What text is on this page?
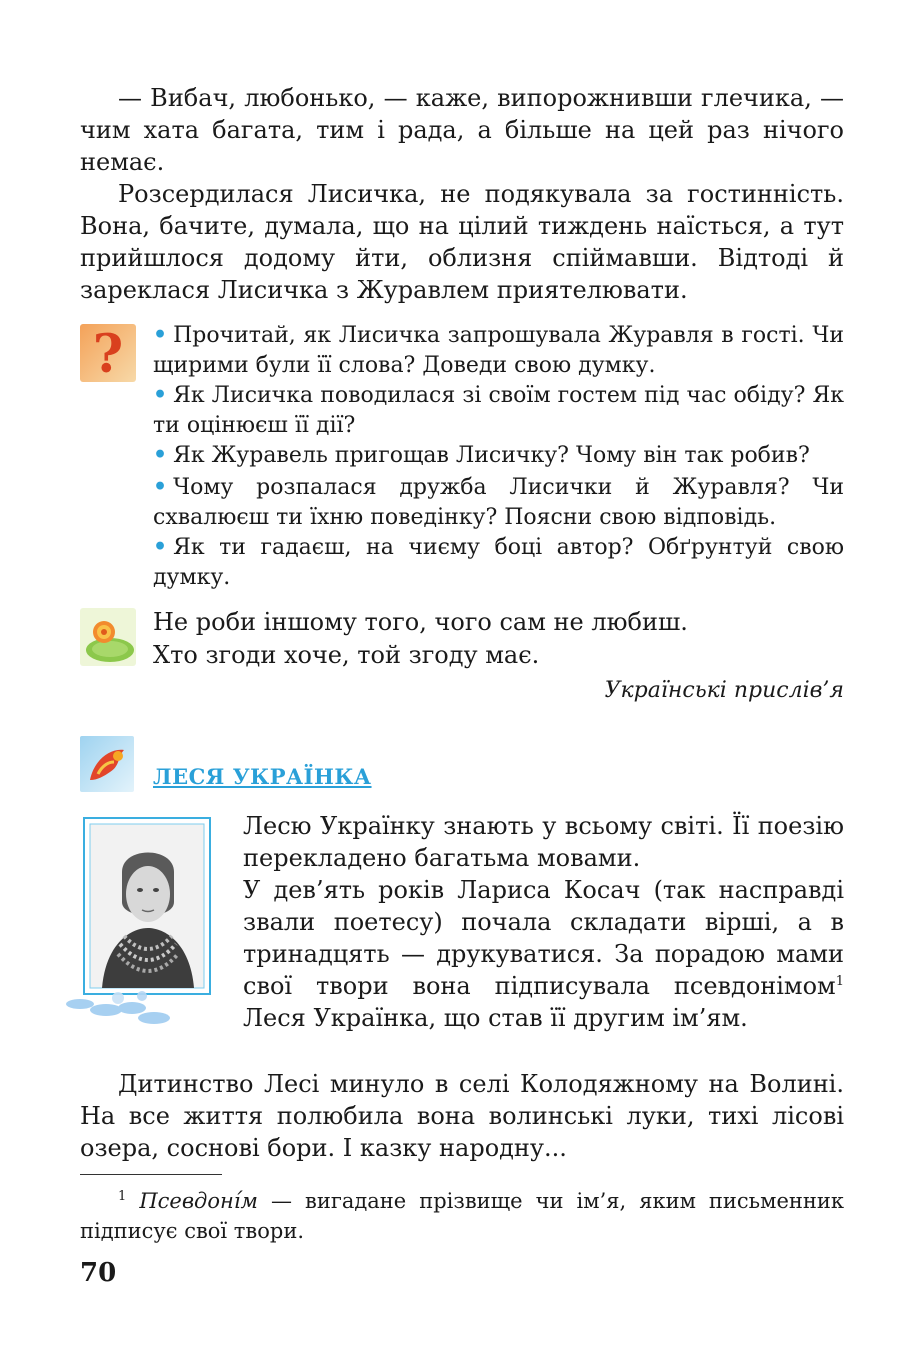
— Вибач, любонько, — каже, випорожнивши глечика, — чим хата багата, тим і рада, а більше на цей раз нічого немає.

Розсердилася Лисичка, не подякувала за гостинність. Вона, бачите, думала, що на цілий тиждень наїсться, а тут прийшлося додому йти, облизня спіймавши. Відтоді й зареклася Лисичка з Журавлем приятелювати.

? • Прочитай, як Лисичка запрошувала Журавля в гості. Чи щирими були її слова? Доведи свою думку.

• Як Лисичка поводилася зі своїм гостем під час обіду? Як ти оцінюєш її дії?

• Як Журавель пригощав Лисичку? Чому він так робив?

• Чому розпалася дружба Лисички й Журавля? Чи схвалюєш ти їхню поведінку? Поясни свою відповідь.

• Як ти гадаєш, на чиєму боці автор? Обґрунтуй свою думку.

Не роби іншому того, чого сам не любиш.

Хто згоди хоче, той згоду має.

Українські прислів’я

ЛЕСЯ УКРАЇНКА

Лесю Українку знають у всьому світі. Її поезію перекладено багатьма мовами.

У дев’ять років Лариса Косач (так насправді звали поетесу) почала складати вірші, а в тринадцять — друкуватися. За порадою мами свої твори вона підписувала псевдонімом$^1$ Леся Українка, що став її другим ім’ям.

Дитинство Лесі минуло в селі Колодяжному на Волині. На все життя полюбила вона волинські луки, тихі лісові озера, соснові бори. І казку народну...

$^1$ Псевдоні́м — вигадане прізвище чи ім’я, яким письменник підписує свої твори.

70
